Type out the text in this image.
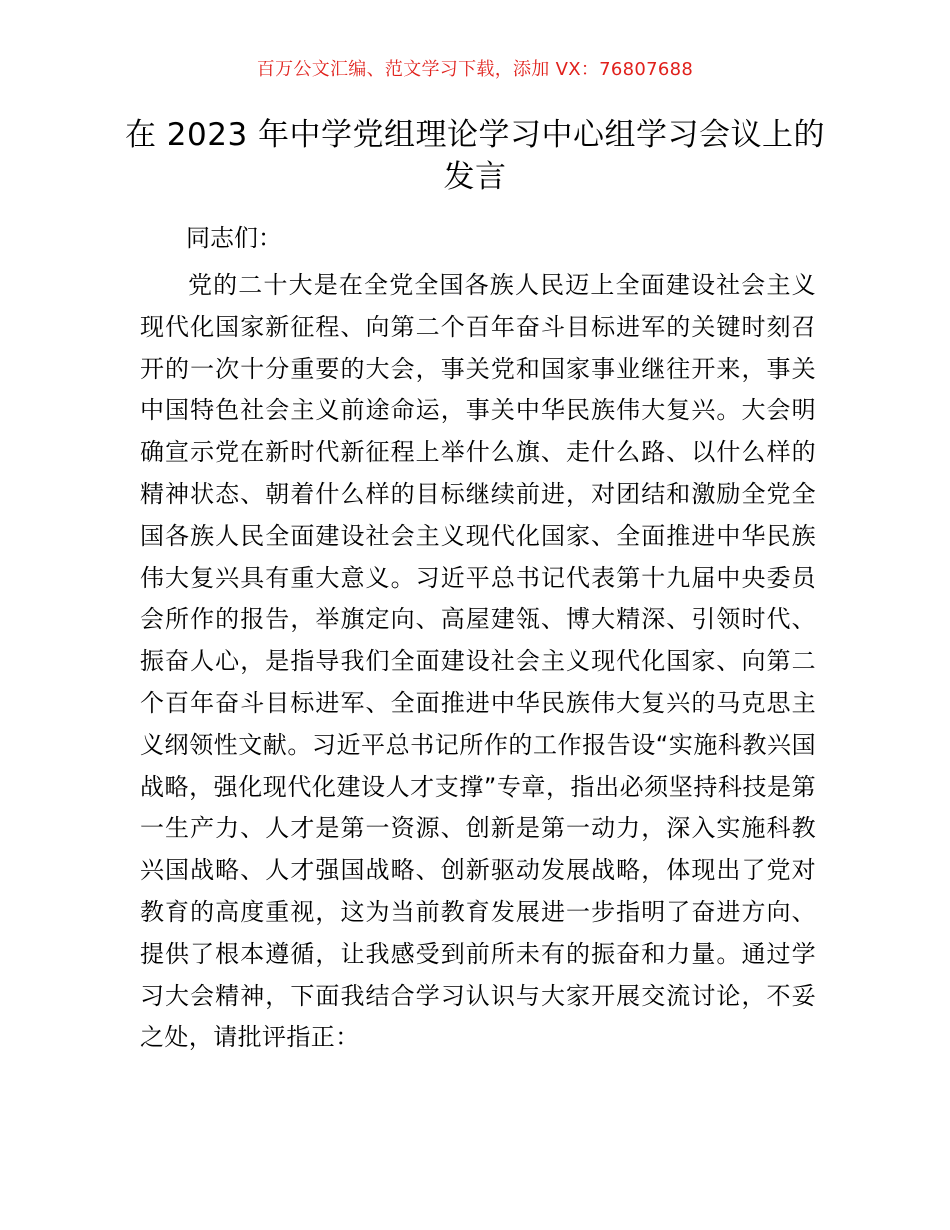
百万公文汇编、范文学习下载，添加 VX：76807688
在 2023 年中学党组理论学习中心组学习会议上的发言
同志们：

党的二十大是在全党全国各族人民迈上全面建设社会主义现代化国家新征程、向第二个百年奋斗目标进军的关键时刻召开的一次十分重要的大会，事关党和国家事业继往开来，事关中国特色社会主义前途命运，事关中华民族伟大复兴。大会明确宣示党在新时代新征程上举什么旗、走什么路、以什么样的精神状态、朝着什么样的目标继续前进，对团结和激励全党全国各族人民全面建设社会主义现代化国家、全面推进中华民族伟大复兴具有重大意义。习近平总书记代表第十九届中央委员会所作的报告，举旗定向、高屋建瓴、博大精深、引领时代、振奋人心，是指导我们全面建设社会主义现代化国家、向第二个百年奋斗目标进军、全面推进中华民族伟大复兴的马克思主义纲领性文献。习近平总书记所作的工作报告设“实施科教兴国战略，强化现代化建设人才支撑”专章，指出必须坚持科技是第一生产力、人才是第一资源、创新是第一动力，深入实施科教兴国战略、人才强国战略、创新驱动发展战略，体现出了党对教育的高度重视，这为当前教育发展进一步指明了奋进方向、提供了根本遵循，让我感受到前所未有的振奋和力量。通过学习大会精神，下面我结合学习认识与大家开展交流讨论，不妥之处，请批评指正：
